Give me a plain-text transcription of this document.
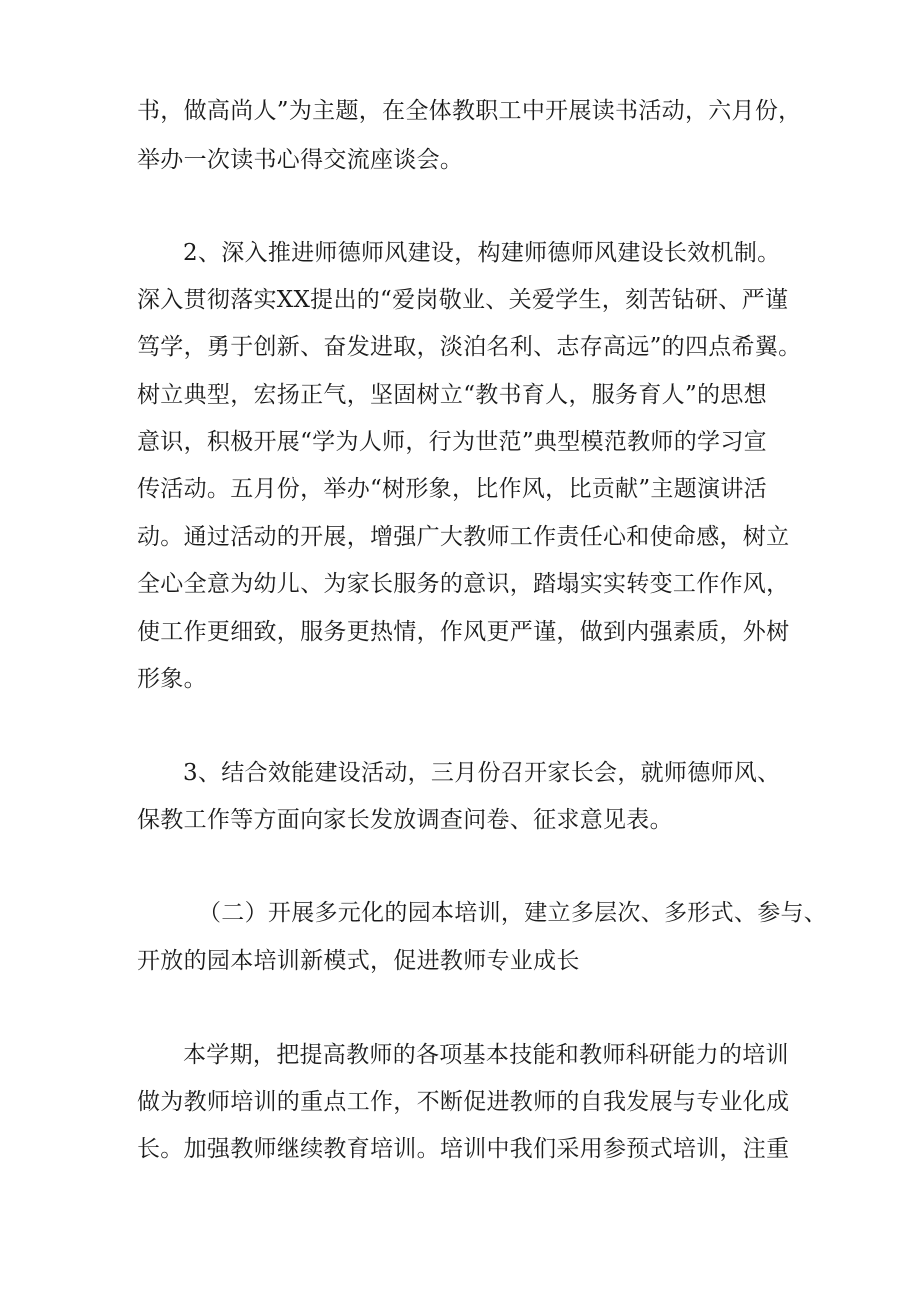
书，做高尚人”为主题，在全体教职工中开展读书活动，六月份，
举办一次读书心得交流座谈会。
2、深入推进师德师风建设，构建师德师风建设长效机制。
深入贯彻落实XX提出的“爱岗敬业、关爱学生，刻苦钻研、严谨
笃学，勇于创新、奋发进取，淡泊名利、志存高远”的四点希翼。
树立典型，宏扬正气，坚固树立“教书育人，服务育人”的思想
意识，积极开展“学为人师，行为世范”典型模范教师的学习宣
传活动。五月份，举办“树形象，比作风，比贡献”主题演讲活
动。通过活动的开展，增强广大教师工作责任心和使命感，树立
全心全意为幼儿、为家长服务的意识，踏塌实实转变工作作风，
使工作更细致，服务更热情，作风更严谨，做到内强素质，外树
形象。
3、结合效能建设活动，三月份召开家长会，就师德师风、
保教工作等方面向家长发放调查问卷、征求意见表。
（二）开展多元化的园本培训，建立多层次、多形式、参与、
开放的园本培训新模式，促进教师专业成长
本学期，把提高教师的各项基本技能和教师科研能力的培训
做为教师培训的重点工作，不断促进教师的自我发展与专业化成
长。加强教师继续教育培训。培训中我们采用参预式培训，注重
